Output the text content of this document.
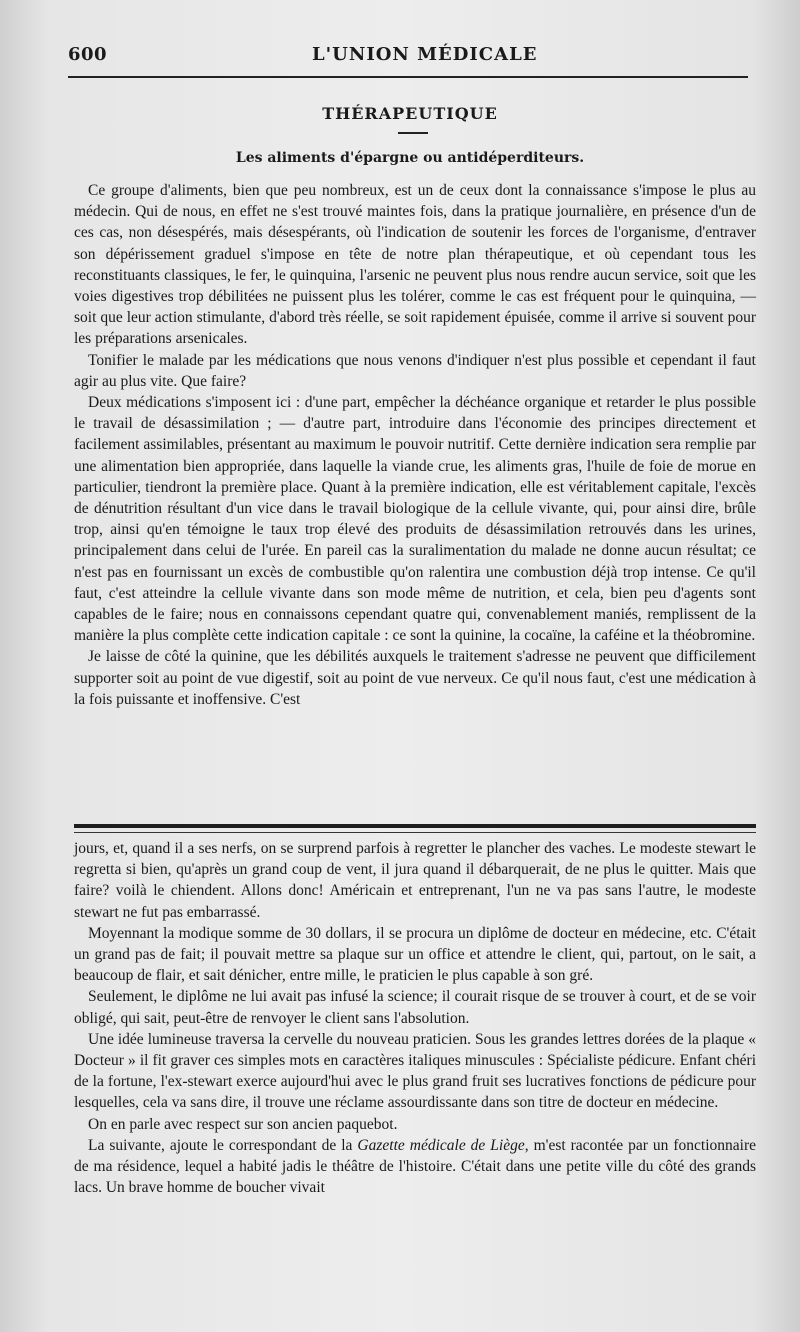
600	L'UNION MÉDICALE
THÉRAPEUTIQUE
Les aliments d'épargne ou antidéperditeurs.

Ce groupe d'aliments, bien que peu nombreux, est un de ceux dont la connaissance s'impose le plus au médecin. Qui de nous, en effet ne s'est trouvé maintes fois, dans la pratique journalière, en présence d'un de ces cas, non désespérés, mais désespérants, où l'indication de soutenir les forces de l'organisme, d'entraver son dépérissement graduel s'impose en tête de notre plan thérapeutique, et où cependant tous les reconstituants classiques, le fer, le quinquina, l'arsenic ne peuvent plus nous rendre aucun service, soit que les voies digestives trop débilitées ne puissent plus les tolérer, comme le cas est fréquent pour le quinquina, — soit que leur action stimulante, d'abord très réelle, se soit rapidement épuisée, comme il arrive si souvent pour les préparations arsenicales.

Tonifier le malade par les médications que nous venons d'indiquer n'est plus possible et cependant il faut agir au plus vite. Que faire?

Deux médications s'imposent ici : d'une part, empêcher la déchéance organique et retarder le plus possible le travail de désassimilation ; — d'autre part, introduire dans l'économie des principes directement et facilement assimilables, présentant au maximum le pouvoir nutritif. Cette dernière indication sera remplie par une alimentation bien appropriée, dans laquelle la viande crue, les aliments gras, l'huile de foie de morue en particulier, tiendront la première place. Quant à la première indication, elle est véritablement capitale, l'excès de dénutrition résultant d'un vice dans le travail biologique de la cellule vivante, qui, pour ainsi dire, brûle trop, ainsi qu'en témoigne le taux trop élevé des produits de désassimilation retrouvés dans les urines, principalement dans celui de l'urée. En pareil cas la suralimentation du malade ne donne aucun résultat; ce n'est pas en fournissant un excès de combustible qu'on ralentira une combustion déjà trop intense. Ce qu'il faut, c'est atteindre la cellule vivante dans son mode même de nutrition, et cela, bien peu d'agents sont capables de le faire; nous en connaissons cependant quatre qui, convenablement maniés, remplissent de la manière la plus complète cette indication capitale : ce sont la quinine, la cocaïne, la caféine et la théobromine.

Je laisse de côté la quinine, que les débilités auxquels le traitement s'adresse ne peuvent que difficilement supporter soit au point de vue digestif, soit au point de vue nerveux. Ce qu'il nous faut, c'est une médication à la fois puissante et inoffensive. C'est

jours, et, quand il a ses nerfs, on se surprend parfois à regretter le plancher des vaches. Le modeste stewart le regretta si bien, qu'après un grand coup de vent, il jura quand il débarquerait, de ne plus le quitter. Mais que faire? voilà le chiendent. Allons donc! Américain et entreprenant, l'un ne va pas sans l'autre, le modeste stewart ne fut pas embarrassé.

Moyennant la modique somme de 30 dollars, il se procura un diplôme de docteur en médecine, etc. C'était un grand pas de fait; il pouvait mettre sa plaque sur un office et attendre le client, qui, partout, on le sait, a beaucoup de flair, et sait dénicher, entre mille, le praticien le plus capable à son gré.

Seulement, le diplôme ne lui avait pas infusé la science; il courait risque de se trouver à court, et de se voir obligé, qui sait, peut-être de renvoyer le client sans l'absolution.

Une idée lumineuse traversa la cervelle du nouveau praticien. Sous les grandes lettres dorées de la plaque « Docteur » il fit graver ces simples mots en caractères italiques minuscules : Spécialiste pédicure. Enfant chéri de la fortune, l'ex-stewart exerce aujourd'hui avec le plus grand fruit ses lucratives fonctions de pédicure pour lesquelles, cela va sans dire, il trouve une réclame assourdissante dans son titre de docteur en médecine.

On en parle avec respect sur son ancien paquebot.

La suivante, ajoute le correspondant de la Gazette médicale de Liège, m'est racontée par un fonctionnaire de ma résidence, lequel a habité jadis le théâtre de l'histoire. C'était dans une petite ville du côté des grands lacs. Un brave homme de boucher vivait
